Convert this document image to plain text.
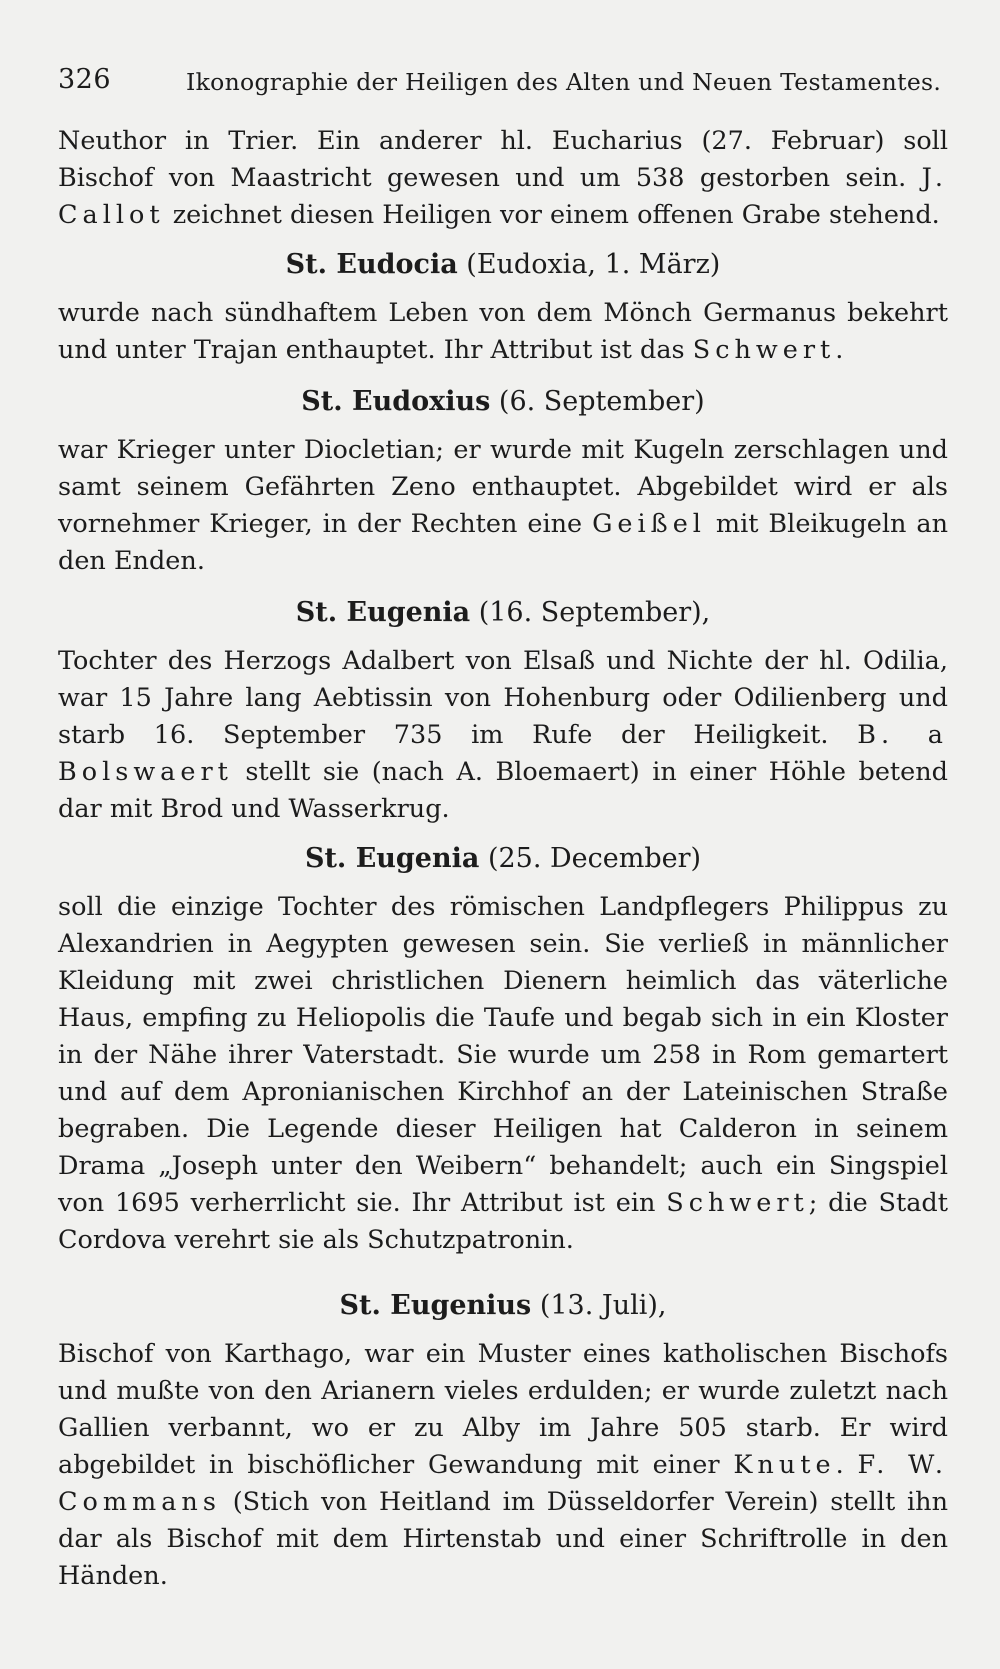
326	Ikonographie der Heiligen des Alten und Neuen Testamentes.

Neuthor in Trier. Ein anderer hl. Eucharius (27. Februar) soll Bischof von Maastricht gewesen und um 538 gestorben sein. J. Callot zeichnet diesen Heiligen vor einem offenen Grabe stehend.

St. Eudocia (Eudoxia, 1. März)

wurde nach sündhaftem Leben von dem Mönch Germanus bekehrt und unter Trajan enthauptet. Ihr Attribut ist das Schwert.

St. Eudoxius (6. September)

war Krieger unter Diocletian; er wurde mit Kugeln zerschlagen und samt seinem Gefährten Zeno enthauptet. Abgebildet wird er als vornehmer Krieger, in der Rechten eine Geißel mit Bleikugeln an den Enden.

St. Eugenia (16. September),

Tochter des Herzogs Adalbert von Elsaß und Nichte der hl. Odilia, war 15 Jahre lang Aebtissin von Hohenburg oder Odilienberg und starb 16. September 735 im Rufe der Heiligkeit. B. a Bolswaert stellt sie (nach A. Bloemaert) in einer Höhle betend dar mit Brod und Wasserkrug.

St. Eugenia (25. December)

soll die einzige Tochter des römischen Landpflegers Philippus zu Alexandrien in Aegypten gewesen sein. Sie verließ in männlicher Kleidung mit zwei christlichen Dienern heimlich das väterliche Haus, empfing zu Heliopolis die Taufe und begab sich in ein Kloster in der Nähe ihrer Vaterstadt. Sie wurde um 258 in Rom gemartert und auf dem Apronianischen Kirchhof an der Lateinischen Straße begraben. Die Legende dieser Heiligen hat Calderon in seinem Drama „Joseph unter den Weibern“ behandelt; auch ein Singspiel von 1695 verherrlicht sie. Ihr Attribut ist ein Schwert; die Stadt Cordova verehrt sie als Schutzpatronin.

St. Eugenius (13. Juli),

Bischof von Karthago, war ein Muster eines katholischen Bischofs und mußte von den Arianern vieles erdulden; er wurde zuletzt nach Gallien verbannt, wo er zu Alby im Jahre 505 starb. Er wird abgebildet in bischöflicher Gewandung mit einer Knute. F. W. Commans (Stich von Heitland im Düsseldorfer Verein) stellt ihn dar als Bischof mit dem Hirtenstab und einer Schriftrolle in den Händen.
